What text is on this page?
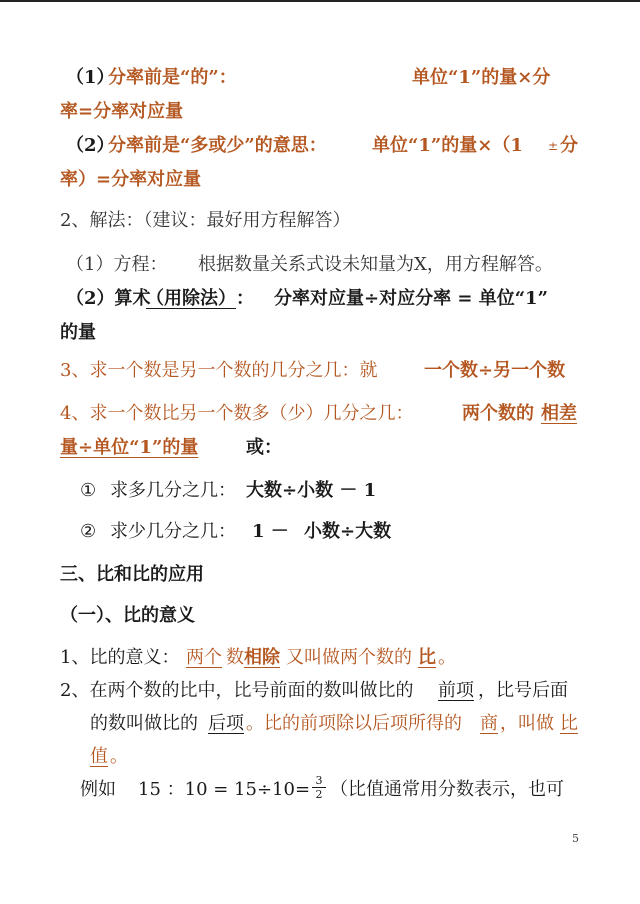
（1）
分率前是“的”：	单位“1”的量×分
率=分率对应量
（2）
分率前是“多或少”的意思：	单位“1”的量×（1 ± 分
率）=分率对应量
2、解法：（建议：最好用方程解答）
（1）方程： 根据数量关系式设未知量为X，用方程解答。
（2）算术
（用除法） ： 分率对应量÷对应分率 = 单位“1”
的量
3、求一个数是另一个数的几分之几：就	一个数÷另一个数
4、求一个数比另一个数多（少）几分之几：	两个数的 相差
量÷单位“1”的量	或：
① 求多几分之几： 大数÷小数 － 1
② 求少几分之几： 1 － 小数÷大数
三、比和比的应用
（一）、比的意义
1、比的意义： 两个 数 相除 又叫做两个数的 比 。
2、在两个数的比中，比号前面的数叫做比的 前项 ，比号后面
的数叫做比的 后项 。比的前项除以后项所得的 商 ，叫做 比
值 。
例如 15 ：10 = 15÷10= 3
2 （比值通常用分数表示，也可
5
